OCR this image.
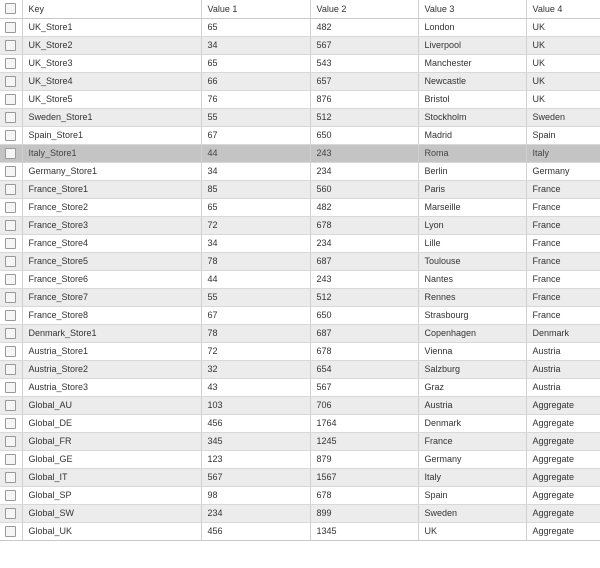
	Key	Value 1	Value 2	Value 3	Value 4
	UK_Store1	65	482	London	UK
	UK_Store2	34	567	Liverpool	UK
	UK_Store3	65	543	Manchester	UK
	UK_Store4	66	657	Newcastle	UK
	UK_Store5	76	876	Bristol	UK
	Sweden_Store1	55	512	Stockholm	Sweden
	Spain_Store1	67	650	Madrid	Spain
	Italy_Store1	44	243	Roma	Italy
	Germany_Store1	34	234	Berlin	Germany
	France_Store1	85	560	Paris	France
	France_Store2	65	482	Marseille	France
	France_Store3	72	678	Lyon	France
	France_Store4	34	234	Lille	France
	France_Store5	78	687	Toulouse	France
	France_Store6	44	243	Nantes	France
	France_Store7	55	512	Rennes	France
	France_Store8	67	650	Strasbourg	France
	Denmark_Store1	78	687	Copenhagen	Denmark
	Austria_Store1	72	678	Vienna	Austria
	Austria_Store2	32	654	Salzburg	Austria
	Austria_Store3	43	567	Graz	Austria
	Global_AU	103	706	Austria	Aggregate
	Global_DE	456	1764	Denmark	Aggregate
	Global_FR	345	1245	France	Aggregate
	Global_GE	123	879	Germany	Aggregate
	Global_IT	567	1567	Italy	Aggregate
	Global_SP	98	678	Spain	Aggregate
	Global_SW	234	899	Sweden	Aggregate
	Global_UK	456	1345	UK	Aggregate
